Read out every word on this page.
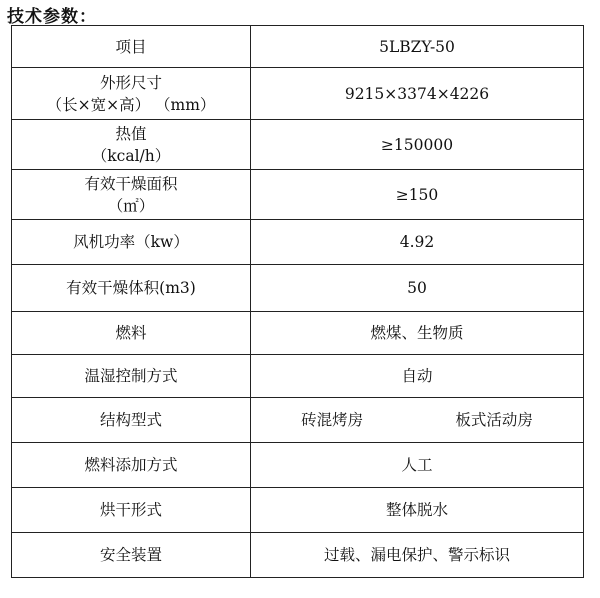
技术参数：
项目	5LBZY-50

外形尺寸
（长×宽×高） （mm）	9215×3374×4226

热值
（kcal/h）	≥150000

有效干燥面积
（㎡）	≥150
风机功率（kw）	4.92
有效干燥体积(m3)	50
燃料	燃煤、生物质
温湿控制方式	自动
结构型式	砖混烤房 板式活动房

燃料添加方式	人工
烘干形式	整体脱水
安全装置	过载、漏电保护、警示标识
